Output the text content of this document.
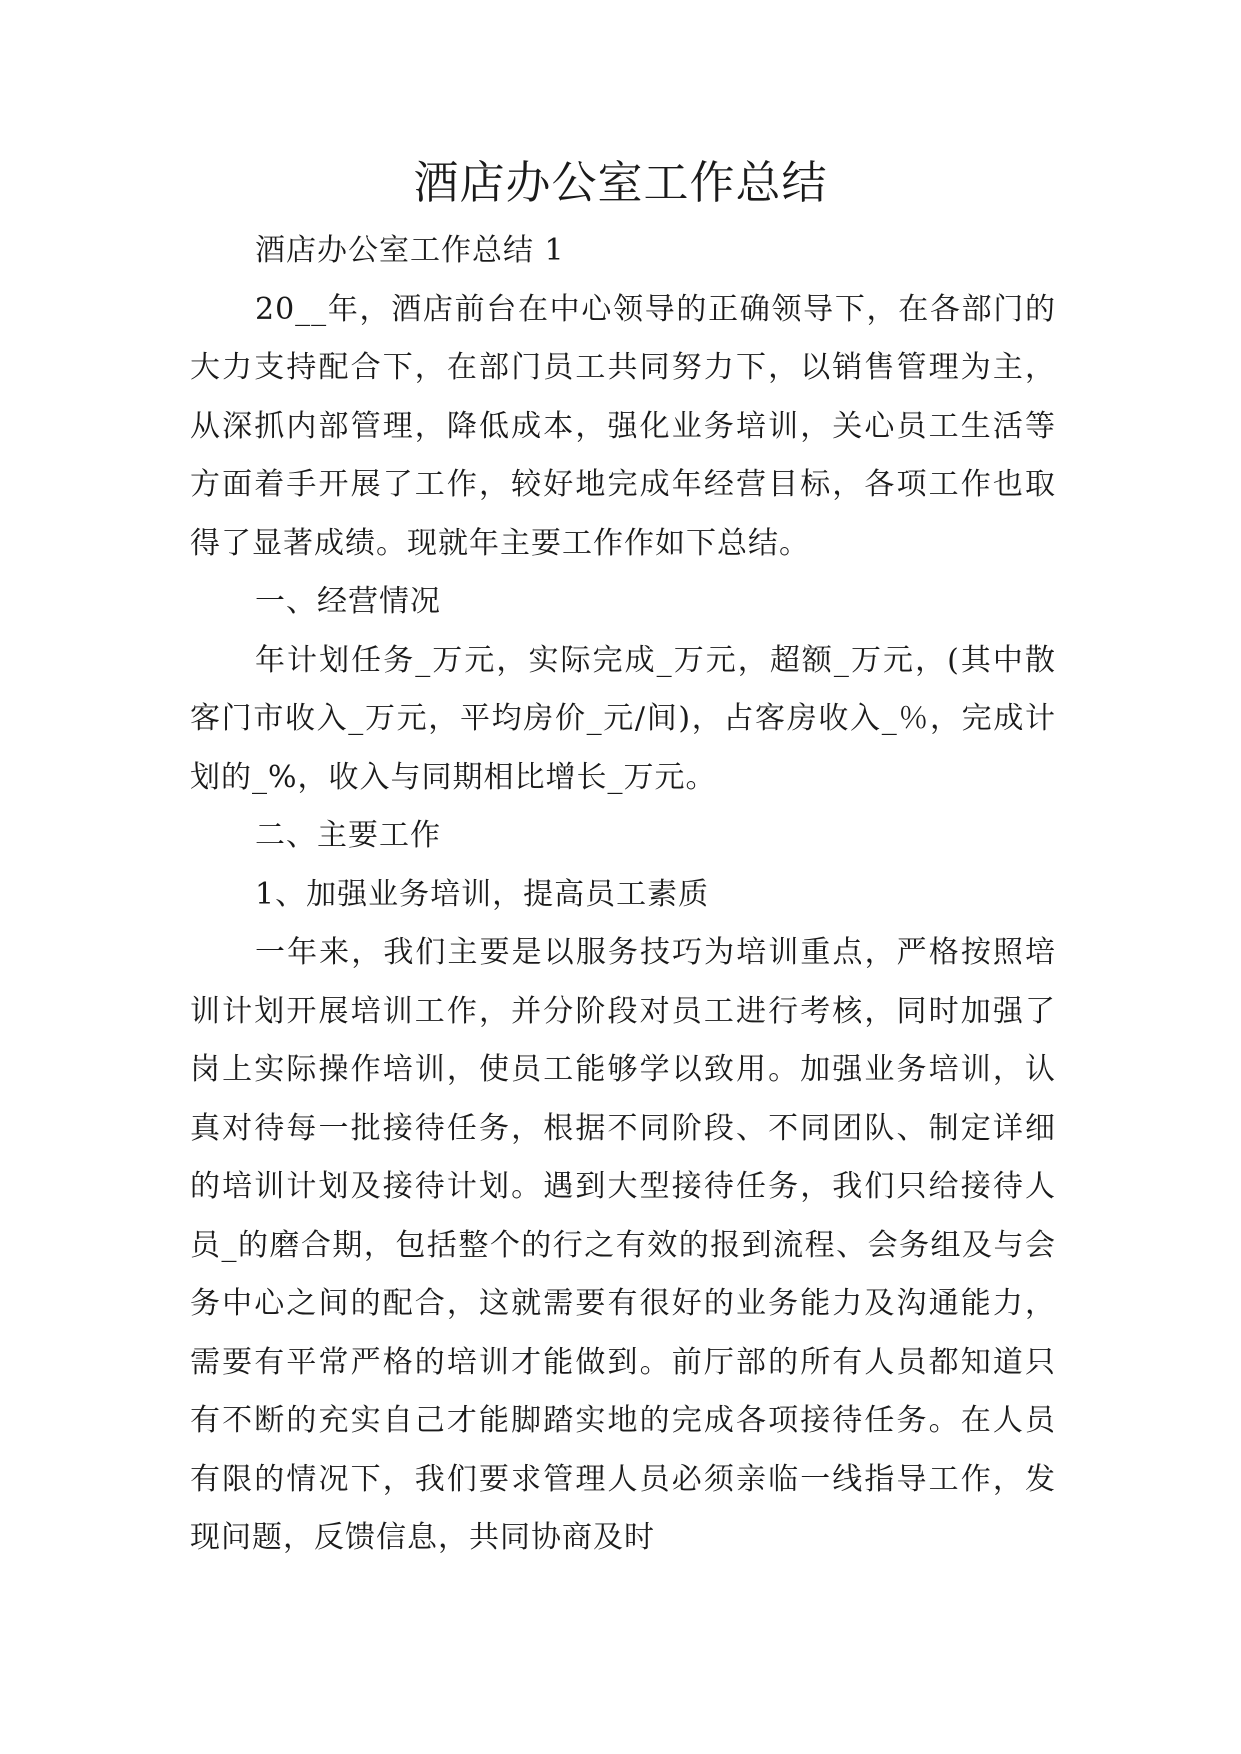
酒店办公室工作总结

酒店办公室工作总结 1

20__年，酒店前台在中心领导的正确领导下，在各部门的大力支持配合下，在部门员工共同努力下，以销售管理为主，从深抓内部管理，降低成本，强化业务培训，关心员工生活等方面着手开展了工作，较好地完成年经营目标，各项工作也取得了显著成绩。现就年主要工作作如下总结。

一、经营情况

年计划任务_万元，实际完成_万元，超额_万元，(其中散客门市收入_万元，平均房价_元/间)，占客房收入_％，完成计划的_%，收入与同期相比增长_万元。

二、主要工作

1、加强业务培训，提高员工素质

一年来，我们主要是以服务技巧为培训重点，严格按照培训计划开展培训工作，并分阶段对员工进行考核，同时加强了岗上实际操作培训，使员工能够学以致用。加强业务培训，认真对待每一批接待任务，根据不同阶段、不同团队、制定详细的培训计划及接待计划。遇到大型接待任务，我们只给接待人员_的磨合期，包括整个的行之有效的报到流程、会务组及与会务中心之间的配合，这就需要有很好的业务能力及沟通能力，需要有平常严格的培训才能做到。前厅部的所有人员都知道只有不断的充实自己才能脚踏实地的完成各项接待任务。在人员有限的情况下，我们要求管理人员必须亲临一线指导工作，发现问题，反馈信息，共同协商及时
